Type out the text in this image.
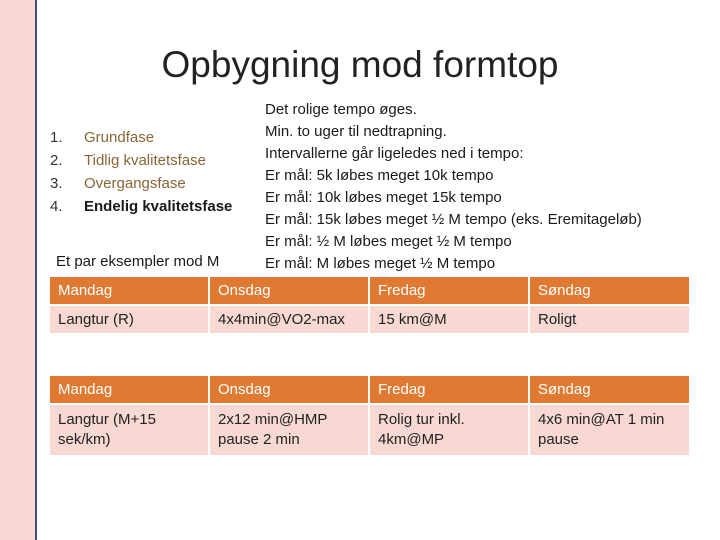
Opbygning mod formtop
1.	Grundfase
2.	Tidlig kvalitetsfase
3.	Overgangsfase
4.	Endelig kvalitetsfase
Et par eksempler mod M
Det rolige tempo øges.
Min. to uger til nedtrapning.
Intervallerne går ligeledes ned i tempo:
Er mål: 5k løbes meget 10k tempo
Er mål: 10k løbes meget 15k tempo
Er mål: 15k løbes meget ½ M tempo (eks. Eremitageløb)
Er mål: ½ M løbes meget ½ M tempo
Er mål: M løbes meget ½ M tempo
Mandag	Onsdag	Fredag	Søndag
Langtur (R)	4x4min@VO2-max	15 km@M	Roligt
Mandag	Onsdag	Fredag	Søndag
Langtur (M+15 sek/km)	2x12 min@HMP pause 2 min	Rolig tur inkl. 4km@MP	4x6 min@AT 1 min pause
